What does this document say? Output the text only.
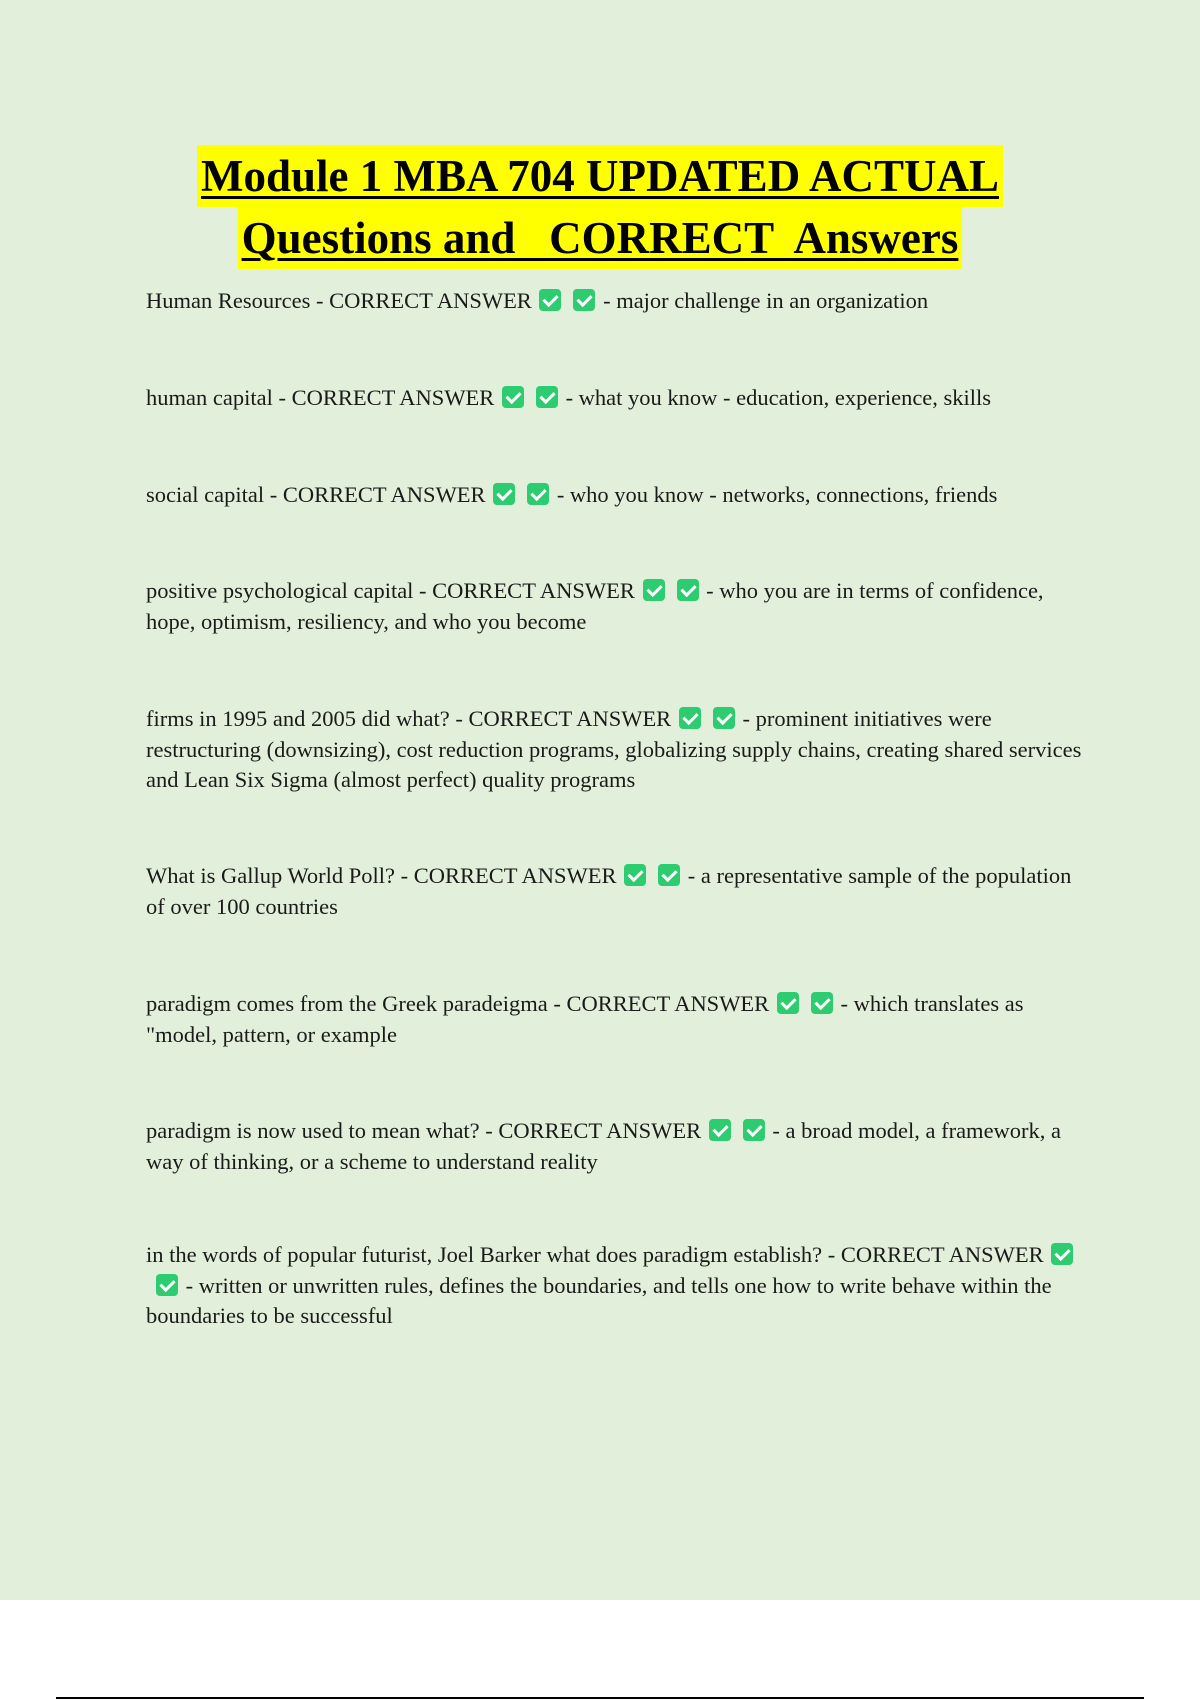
Module 1 MBA 704 UPDATED ACTUAL
Questions and   CORRECT  Answers
Human Resources - CORRECT ANSWER	- major challenge in an organization
human capital - CORRECT ANSWER	- what you know - education, experience, skills
social capital - CORRECT ANSWER	- who you know - networks, connections, friends
positive psychological capital - CORRECT ANSWER	- who you are in terms of confidence, hope, optimism, resiliency, and who you become
firms in 1995 and 2005 did what? - CORRECT ANSWER	- prominent initiatives were restructuring (downsizing), cost reduction programs, globalizing supply chains, creating shared services and Lean Six Sigma (almost perfect) quality programs
What is Gallup World Poll? - CORRECT ANSWER	- a representative sample of the population of over 100 countries
paradigm comes from the Greek paradeigma - CORRECT ANSWER	- which translates as "model, pattern, or example
paradigm is now used to mean what? - CORRECT ANSWER	- a broad model, a framework, a way of thinking, or a scheme to understand reality
in the words of popular futurist, Joel Barker what does paradigm establish? - CORRECT ANSWER  - written or unwritten rules, defines the boundaries, and tells one how to write behave within the boundaries to be successful
